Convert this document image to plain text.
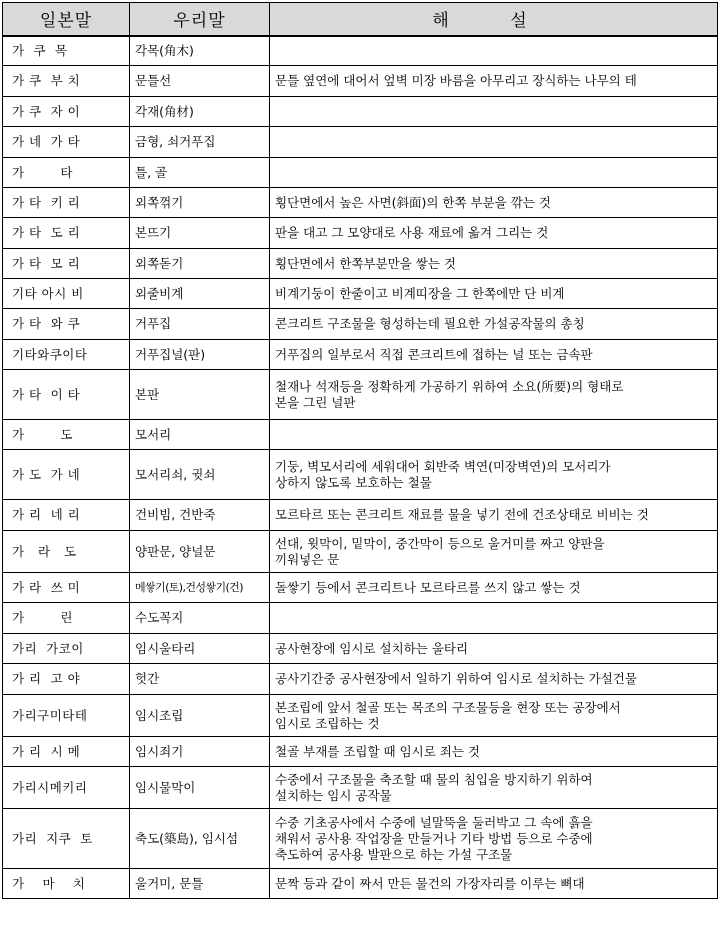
일본말	우리말	해 설
가  쿠  목	각목(角木)	
가 쿠  부 치	문틀선	문틀 옆연에 대어서 엎벽 미장 바름을 아무리고 장식하는 나무의 테

가 쿠  자 이	각재(角材)	
가 네  가 타	금형, 쇠거푸집	
가        타	틀, 골	
가 타  키 리	외쪽꺾기	횡단면에서 높은 사면(斜面)의 한쪽 부분을 깎는 것

가 타  도 리	본뜨기	판을 대고 그 모양대로 사용 재료에 옮겨 그리는 것

가 타  모 리	외쪽돋기	횡단면에서 한쪽부분만을 쌓는 것

기타 아시 비	외줄비계	비계기둥이 한줄이고 비계띠장을 그 한쪽에만 단 비계

가 타  와 쿠	거푸집	콘크리트 구조물을 형성하는데 필요한 가설공작물의 총칭

기타와쿠이타	거푸집널(판)	거푸집의 일부로서 직접 콘크리트에 접하는 널 또는 금속판

가 타  이 타	본판	철재나 석재등을 정확하게 가공하기 위하여 소요(所要)의 형태로
본을 그린 널판

가        도	모서리	
가 도  가 네	모서리쇠, 귓쇠	기둥, 벽모서리에 세워대어 회반죽 벽연(미장벽연)의 모서리가
상하지 않도록 보호하는 철물

가 리  네 리	건비빔, 건반죽	모르타르 또는 콘크리트 재료를 물을 넣기 전에 건조상태로 비비는 것

가   라   도	양판문, 양널문	선대, 윗막이, 밑막이, 중간막이 등으로 울거미를 짜고 양판을
끼워넣은 문

가 라  쓰 미	메쌓기(토),건성쌓기(건)	돌쌓기 등에서 콘크리트나 모르타르를 쓰지 않고 쌓는 것

가        린	수도꼭지	
가리  가코이	임시울타리	공사현장에 임시로 설치하는 울타리

가 리  고 야	헛간	공사기간중 공사현장에서 일하기 위하여 임시로 설치하는 가설건물

가리구미타테	임시조립	본조립에 앞서 철골 또는 목조의 구조물등을 현장 또는 공장에서
임시로 조립하는 것

가 리  시 메	임시죄기	철골 부재를 조립할 때 임시로 죄는 것

가리시메키리	임시물막이	수중에서 구조물을 축조할 때 물의 침입을 방지하기 위하여
설치하는 임시 공작물

가리  지쿠  토	축도(築島), 임시섬	수중 기초공사에서 수중에 널말뚝을 둘러박고 그 속에 흙을
채워서 공사용 작업장을 만들거나 기타 방법 등으로 수중에
축도하여 공사용 발판으로 하는 가설 구조물

가    마    치	울거미, 문틀	문짝 등과 같이 짜서 만든 물건의 가장자리를 이루는 뼈대
